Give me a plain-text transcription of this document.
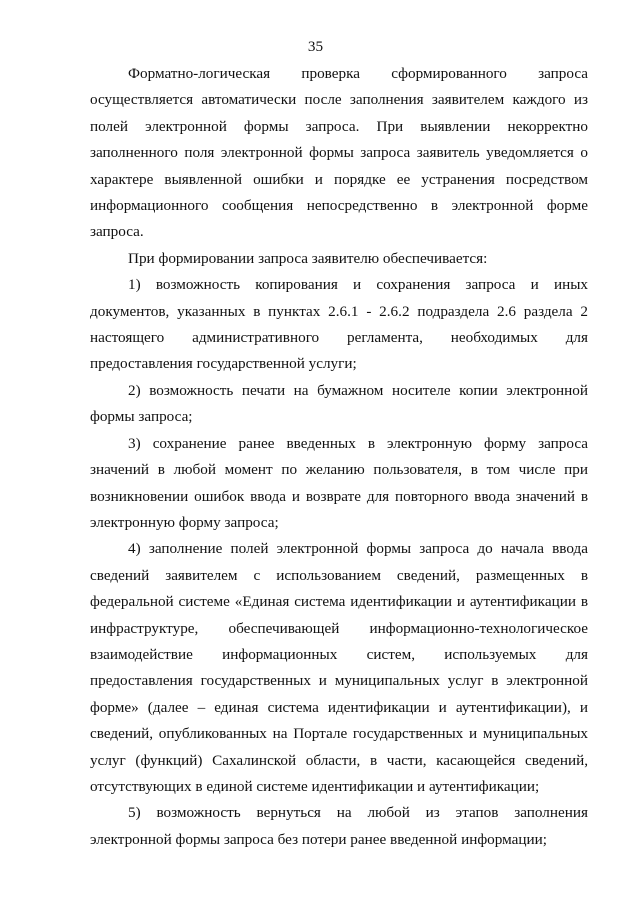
35

Форматно-логическая проверка сформированного запроса осуществляется автоматически после заполнения заявителем каждого из полей электронной формы запроса. При выявлении некорректно заполненного поля электронной формы запроса заявитель уведомляется о характере выявленной ошибки и порядке ее устранения посредством информационного сообщения непосредственно в электронной форме запроса.

При формировании запроса заявителю обеспечивается:

1) возможность копирования и сохранения запроса и иных документов, указанных в пунктах 2.6.1 - 2.6.2 подраздела 2.6 раздела 2 настоящего административного регламента, необходимых для предоставления государственной услуги;

2) возможность печати на бумажном носителе копии электронной формы запроса;

3) сохранение ранее введенных в электронную форму запроса значений в любой момент по желанию пользователя, в том числе при возникновении ошибок ввода и возврате для повторного ввода значений в электронную форму запроса;

4) заполнение полей электронной формы запроса до начала ввода сведений заявителем с использованием сведений, размещенных в федеральной системе «Единая система идентификации и аутентификации в инфраструктуре, обеспечивающей информационно-технологическое взаимодействие информационных систем, используемых для предоставления государственных и муниципальных услуг в электронной форме» (далее – единая система идентификации и аутентификации), и сведений, опубликованных на Портале государственных и муниципальных услуг (функций) Сахалинской области, в части, касающейся сведений, отсутствующих в единой системе идентификации и аутентификации;

5) возможность вернуться на любой из этапов заполнения электронной формы запроса без потери ранее введенной информации;
